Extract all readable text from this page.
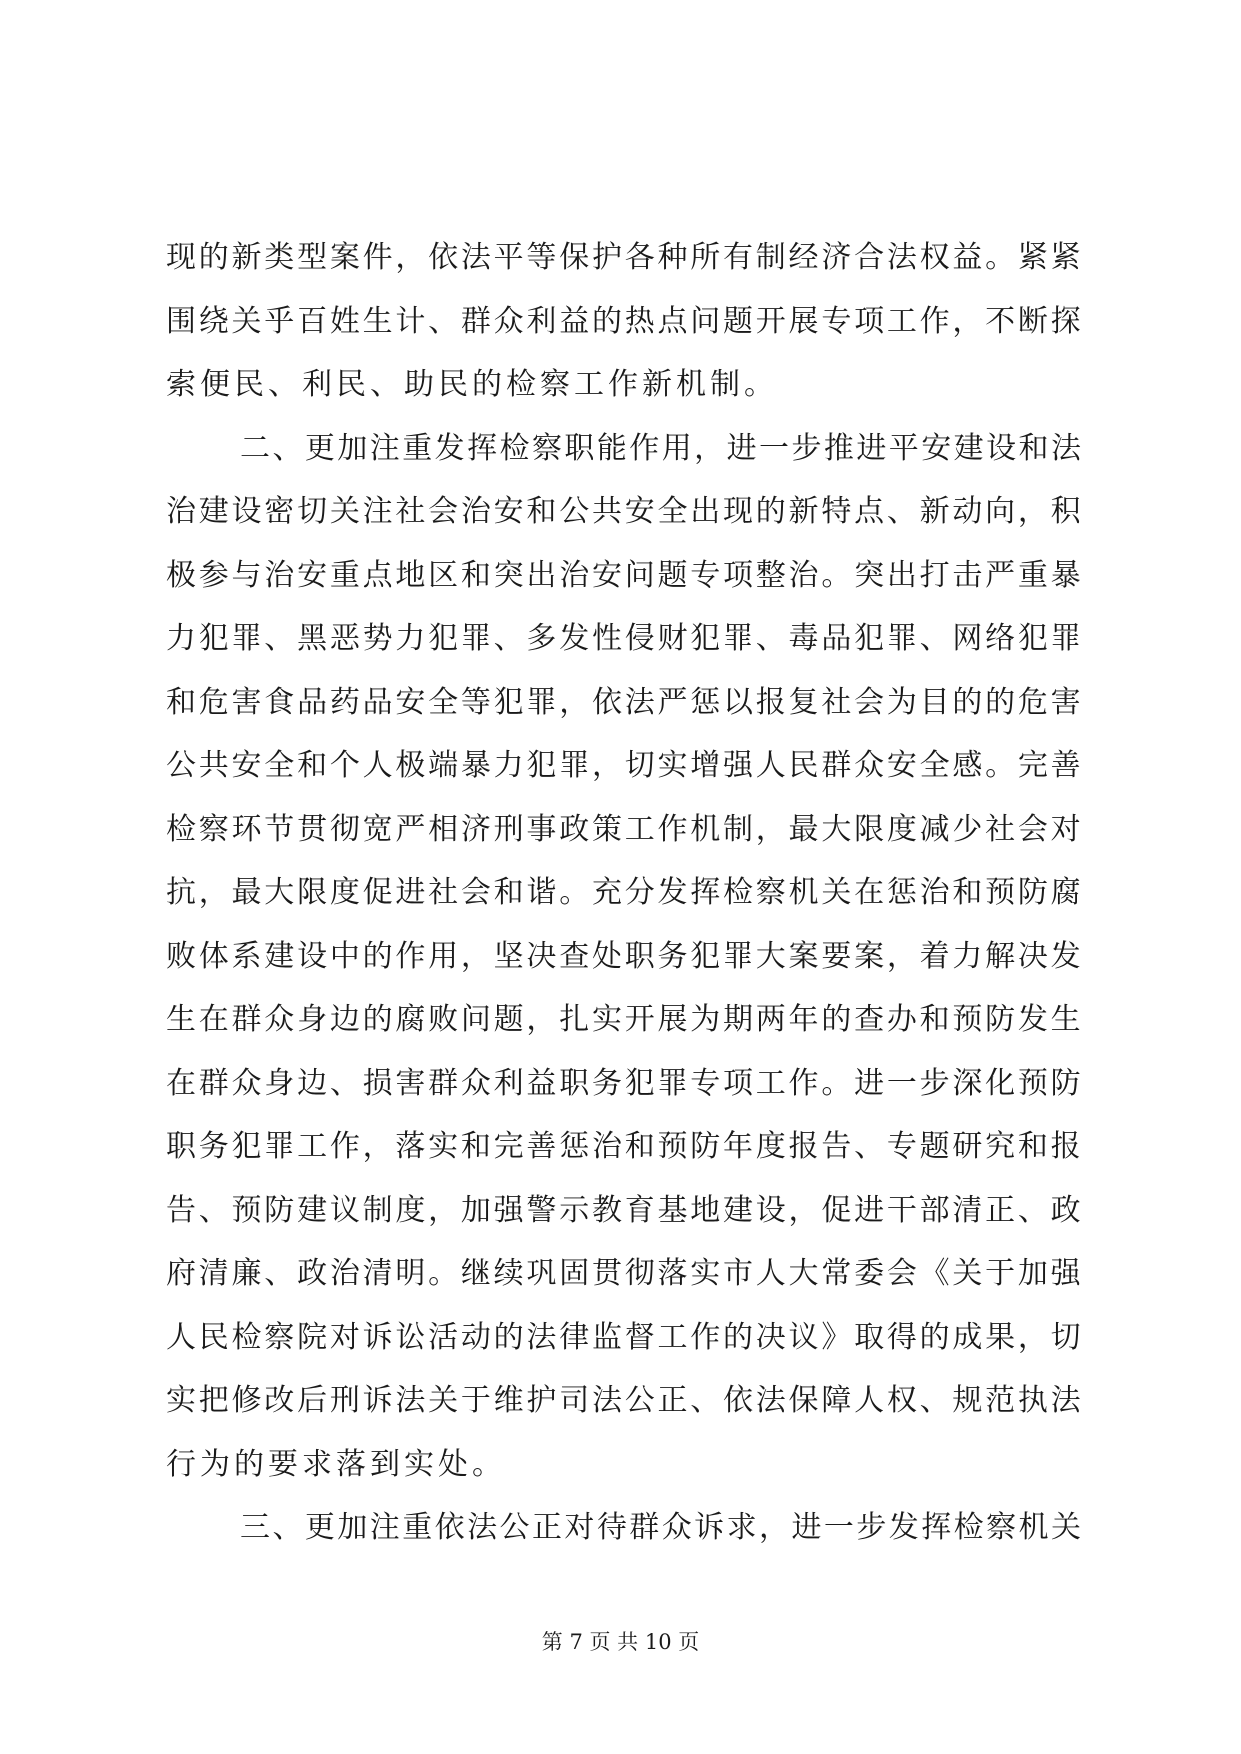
现 的 新 类 型 案 件 ， 依 法 平 等 保 护 各 种 所 有 制 经 济 合 法 权 益 。 紧 紧
围 绕 关 乎 百 姓 生 计 、 群 众 利 益 的 热 点 问 题 开 展 专 项 工 作 ， 不 断 探
索便民、利民、助民的检察工作新机制。
二 、 更 加 注 重 发 挥 检 察 职 能 作 用 ， 进 一 步 推 进 平 安 建 设 和 法
治 建 设 密 切 关 注 社 会 治 安 和 公 共 安 全 出 现 的 新 特 点 、 新 动 向 ， 积
极 参 与 治 安 重 点 地 区 和 突 出 治 安 问 题 专 项 整 治 。 突 出 打 击 严 重 暴
力 犯 罪 、 黑 恶 势 力 犯 罪 、 多 发 性 侵 财 犯 罪 、 毒 品 犯 罪 、 网 络 犯 罪
和 危 害 食 品 药 品 安 全 等 犯 罪 ， 依 法 严 惩 以 报 复 社 会 为 目 的 的 危 害
公 共 安 全 和 个 人 极 端 暴 力 犯 罪 ， 切 实 增 强 人 民 群 众 安 全 感 。 完 善
检 察 环 节 贯 彻 宽 严 相 济 刑 事 政 策 工 作 机 制 ， 最 大 限 度 减 少 社 会 对
抗 ， 最 大 限 度 促 进 社 会 和 谐 。 充 分 发 挥 检 察 机 关 在 惩 治 和 预 防 腐
败 体 系 建 设 中 的 作 用 ， 坚 决 查 处 职 务 犯 罪 大 案 要 案 ， 着 力 解 决 发
生 在 群 众 身 边 的 腐 败 问 题 ， 扎 实 开 展 为 期 两 年 的 查 办 和 预 防 发 生
在 群 众 身 边 、 损 害 群 众 利 益 职 务 犯 罪 专 项 工 作 。 进 一 步 深 化 预 防
职 务 犯 罪 工 作 ， 落 实 和 完 善 惩 治 和 预 防 年 度 报 告 、 专 题 研 究 和 报
告 、 预 防 建 议 制 度 ， 加 强 警 示 教 育 基 地 建 设 ， 促 进 干 部 清 正 、 政
府 清 廉 、 政 治 清 明 。 继 续 巩 固 贯 彻 落 实 市 人 大 常 委 会 《 关 于 加 强
人 民 检 察 院 对 诉 讼 活 动 的 法 律 监 督 工 作 的 决 议 》 取 得 的 成 果 ， 切
实 把 修 改 后 刑 诉 法 关 于 维 护 司 法 公 正 、 依 法 保 障 人 权 、 规 范 执 法
行为的要求落到实处。
三 、 更 加 注 重 依 法 公 正 对 待 群 众 诉 求 ， 进 一 步 发 挥 检 察 机 关
第 7 页 共 10 页
